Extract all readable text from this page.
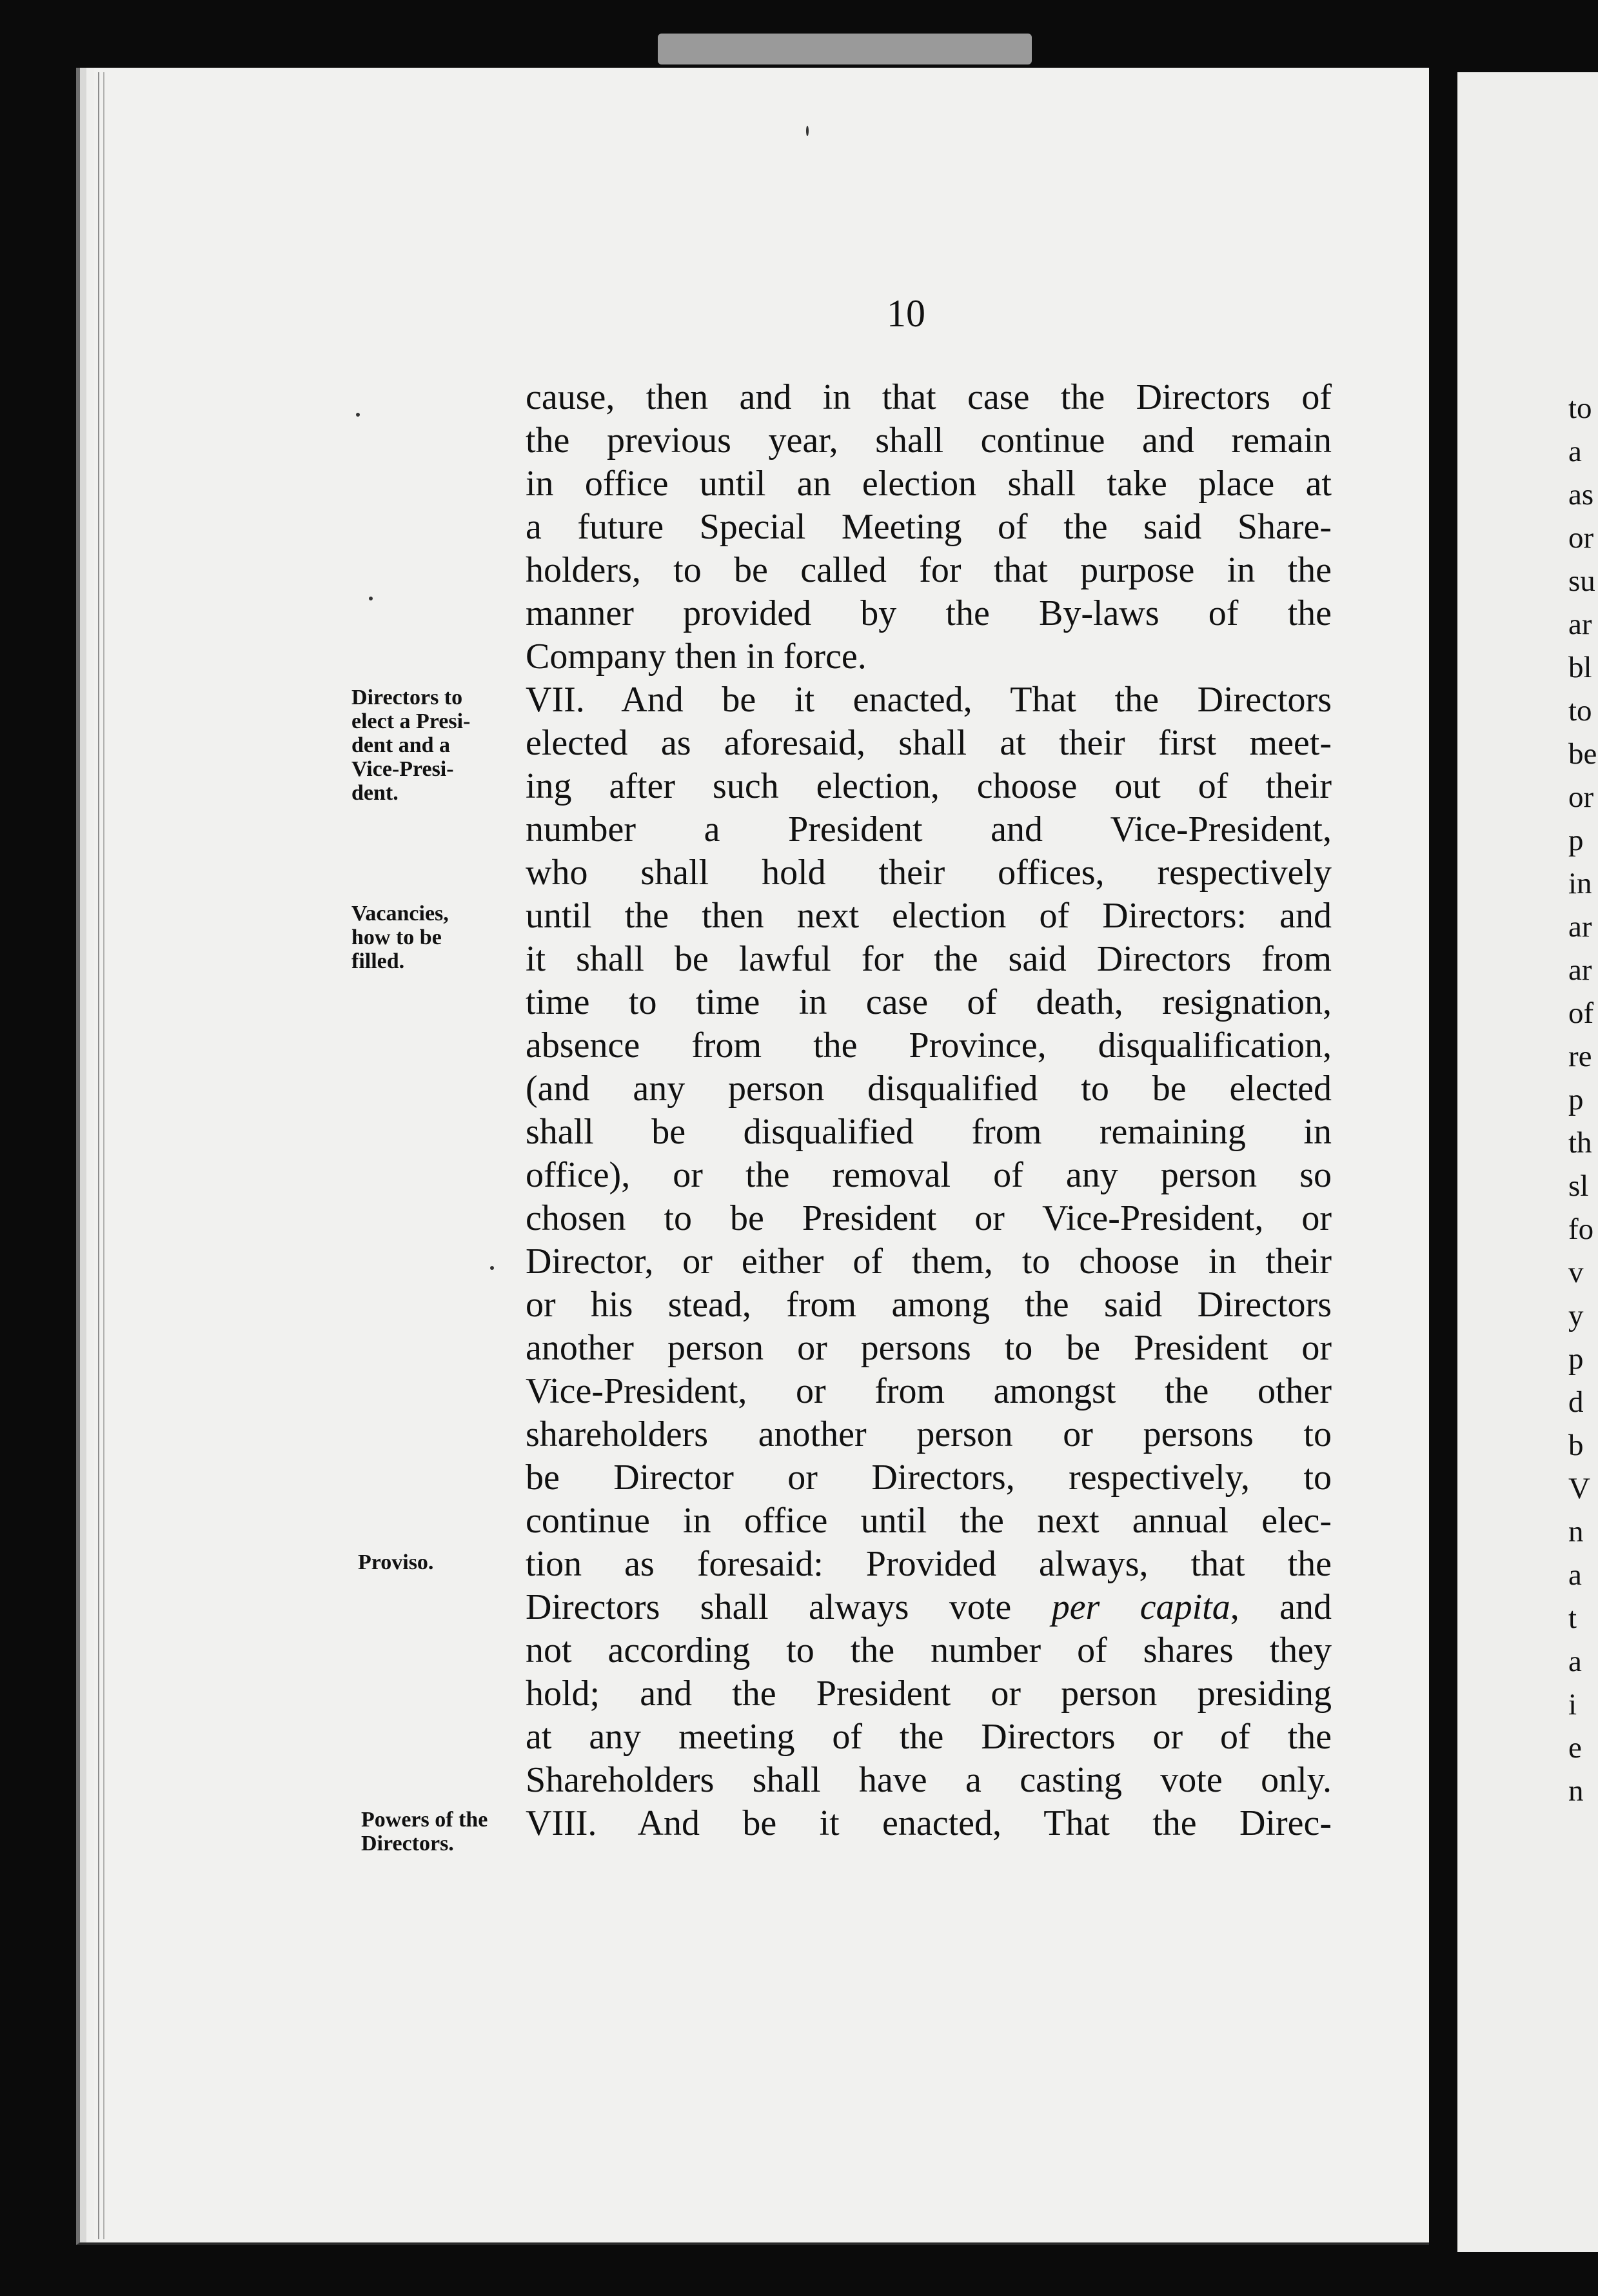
to
a
as
or
su
ar
bl
to
be
or
p
in
ar
ar
of
re
p
th
sl
fo
v
y
p
d
b
V
n
a
t
a
i
e
n
10
cause, then and in that case the Directors of
the previous year, shall continue and remain
in office until an election shall take place at
a future Special Meeting of the said Share-
holders, to be called for that purpose in the
manner provided by the By-laws of the
Company then in force.
VII. And be it enacted, That the Directors
elected as aforesaid, shall at their first meet-
ing after such election, choose out of their
number a President and Vice-President,
who shall hold their offices, respectively
until the then next election of Directors: and
it shall be lawful for the said Directors from
time to time in case of death, resignation,
absence from the Province, disqualification,
(and any person disqualified to be elected
shall be disqualified from remaining in
office), or the removal of any person so
chosen to be President or Vice-President, or
Director, or either of them, to choose in their
or his stead, from among the said Directors
another person or persons to be President or
Vice-President, or from amongst the other
shareholders another person or persons to
be Director or Directors, respectively, to
continue in office until the next annual elec-
tion as foresaid: Provided always, that the
Directors shall always vote per capita, and
not according to the number of shares they
hold; and the President or person presiding
at any meeting of the Directors or of the
Shareholders shall have a casting vote only.
VIII. And be it enacted, That the Direc-
Directors to
elect a Presi-
dent and a
Vice-Presi-
dent.
Vacancies,
how to be
filled.
Proviso.
Powers of the
Directors.
